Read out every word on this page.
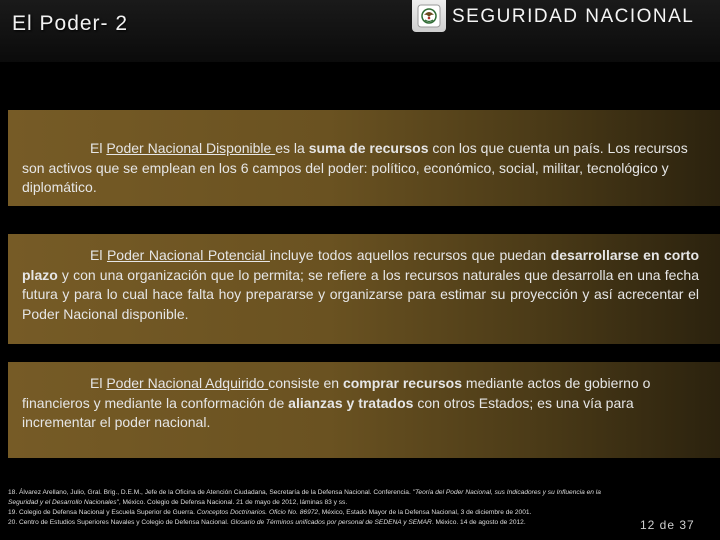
El Poder- 2	SEGURIDAD NACIONAL
El Poder Nacional Disponible es la suma de recursos con los que cuenta un país. Los recursos son activos que se emplean en los 6 campos del poder: político, económico, social, militar, tecnológico y diplomático.
El Poder Nacional Potencial incluye todos aquellos recursos que puedan desarrollarse en corto plazo y con una organización que lo permita; se refiere a los recursos naturales que desarrolla en una fecha futura y para lo cual hace falta hoy prepararse y organizarse para estimar su proyección y así acrecentar el Poder Nacional disponible.
El Poder Nacional Adquirido consiste en comprar recursos mediante actos de gobierno o financieros y mediante la conformación de alianzas y tratados con otros Estados; es una vía para incrementar el poder nacional.
18. Álvarez Arellano, Julio, Gral. Brig., D.E.M., Jefe de la Oficina de Atención Ciudadana, Secretaría de la Defensa Nacional. Conferencia. "Teoría del Poder Nacional, sus Indicadores y su Influencia en la Seguridad y el Desarrollo Nacionales", México. Colegio de Defensa Nacional. 21 de mayo de 2012, láminas 83 y ss.
19. Colegio de Defensa Nacional y Escuela Superior de Guerra. Conceptos Doctrinarios. Oficio No. 86972, México, Estado Mayor de la Defensa Nacional, 3 de diciembre de 2001.
20. Centro de Estudios Superiores Navales y Colegio de Defensa Nacional. Glosario de Términos unificados por personal de SEDENA y SEMAR. México. 14 de agosto de 2012.	12 de 37
